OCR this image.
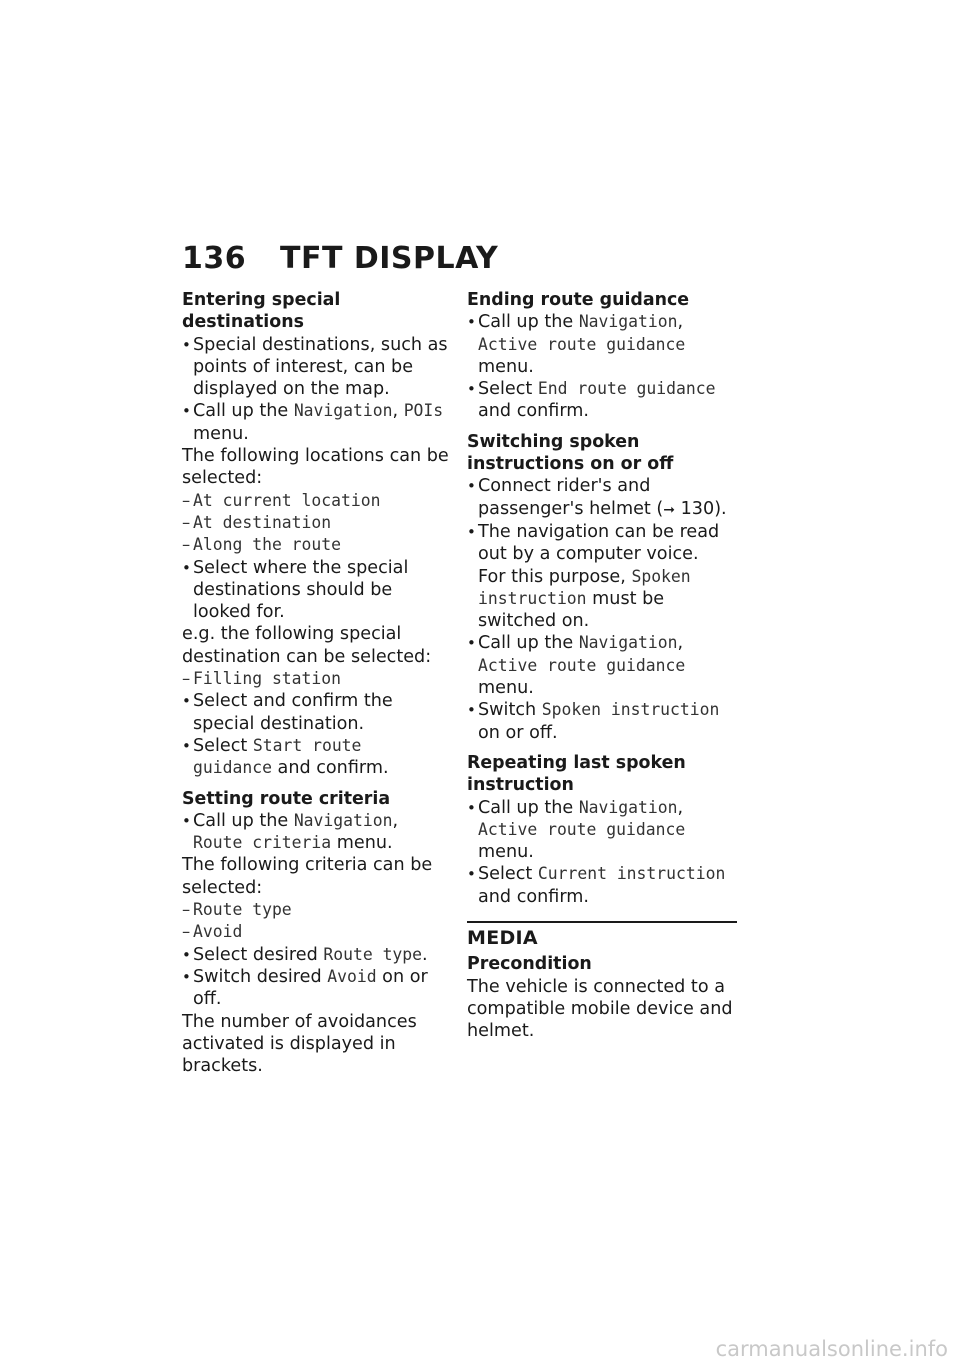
136 TFT DISPLAY
Entering special destinations
• Special destinations, such as points of interest, can be displayed on the map.
• Call up the Navigation, POIs menu.
The following locations can be selected:
– At current location
– At destination
– Along the route
• Select where the special destinations should be looked for.
e.g. the following special destination can be selected:
– Filling station
• Select and confirm the special destination.
• Select Start route guidance and confirm.
Setting route criteria
• Call up the Navigation, Route criteria menu.
The following criteria can be selected:
– Route type
– Avoid
• Select desired Route type.
• Switch desired Avoid on or off.
The number of avoidances activated is displayed in brackets.
Ending route guidance
• Call up the Navigation, Active route guidance menu.
• Select End route guidance and confirm.
Switching spoken instructions on or off
• Connect rider's and passenger's helmet (➞ 130).
• The navigation can be read out by a computer voice.
For this purpose, Spoken instruction must be switched on.
• Call up the Navigation, Active route guidance menu.
• Switch Spoken instruction on or off.
Repeating last spoken instruction
• Call up the Navigation, Active route guidance menu.
• Select Current instruction and confirm.
MEDIA
Precondition
The vehicle is connected to a compatible mobile device and helmet.
carmanualsonline.info
